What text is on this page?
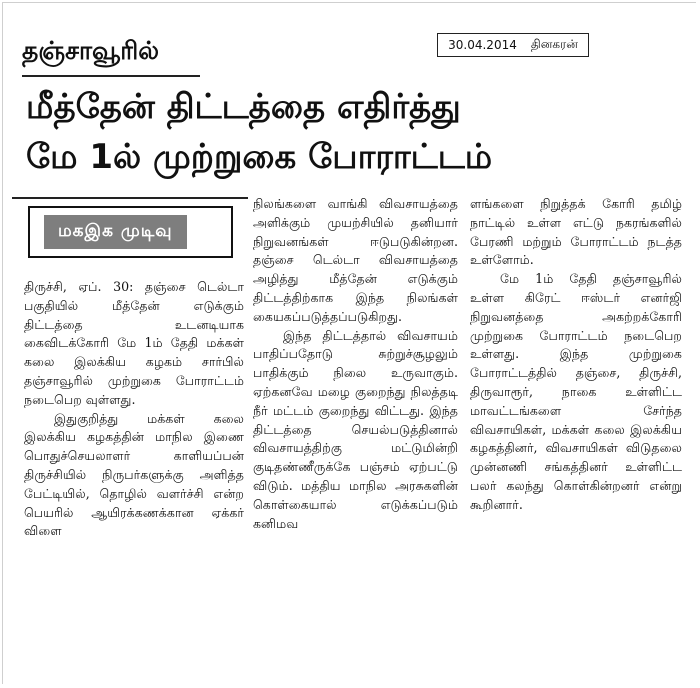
தஞ்சாவூரில்	30.04.2014 தினகரன்
மீத்தேன் திட்டத்தை எதிர்த்து
மே 1ல் முற்றுகை போராட்டம்
மகஇக முடிவு

திருச்சி, ஏப். 30: தஞ்சை டெல்டா பகுதியில் மீத்தேன் எடுக்கும் திட்டத்தை உடனடியாக கைவிடக்கோரி மே 1ம் தேதி மக்கள் கலை இலக்கிய கழகம் சார்பில் தஞ்சாவூரில் முற்றுகை போராட்டம் நடைபெற வுள்ளது.

இதுகுறித்து மக்கள் கலை இலக்கிய கழகத்தின் மாநில இணை பொதுச்செயலாளர் காளியப்பன் திருச்சியில் நிருபர்களுக்கு அளித்த பேட்டியில், தொழில் வளர்ச்சி என்ற பெயரில் ஆயிரக்கணக்கான ஏக்கர் விளை

நிலங்களை வாங்கி விவசாயத்தை அளிக்கும் முயற்சியில் தனியார் நிறுவனங்கள் ஈடுபடுகின்றன. தஞ்சை டெல்டா விவசாயத்தை அழித்து மீத்தேன் எடுக்கும் திட்டத்திற்காக இந்த நிலங்கள் கையகப்படுத்தப்படுகிறது.

இந்த திட்டத்தால் விவசாயம் பாதிப்பதோடு சுற்றுச்சூழலும் பாதிக்கும் நிலை உருவாகும். ஏற்கனவே மழை குறைந்து நிலத்தடி நீர் மட்டம் குறைந்து விட்டது. இந்த திட்டத்தை செயல்படுத்தினால் விவசாயத்திற்கு மட்டுமின்றி குடிதண்ணீருக்கே பஞ்சம் ஏற்பட்டு விடும். மத்திய மாநில அரசுகளின் கொள்கையால் எடுக்கப்படும் கனிமவ

ளங்களை நிறுத்தக் கோரி தமிழ் நாட்டில் உள்ள எட்டு நகரங்களில் பேரணி மற்றும் போராட்டம் நடத்த உள்ளோம்.

மே 1ம் தேதி தஞ்சாவூரில் உள்ள கிரேட் ஈஸ்டர் எனர்ஜி நிறுவனத்தை அகற்றக்கோரி முற்றுகை போராட்டம் நடைபெற உள்ளது. இந்த முற்றுகை போராட்டத்தில் தஞ்சை, திருச்சி, திருவாரூர், நாகை உள்ளிட்ட மாவட்டங்களை சேர்ந்த விவசாயிகள், மக்கள் கலை இலக்கிய கழகத்தினர், விவசாயிகள் விடுதலை முன்னணி சங்கத்தினர் உள்ளிட்ட பலர் கலந்து கொள்கின்றனர் என்று கூறினார்.
